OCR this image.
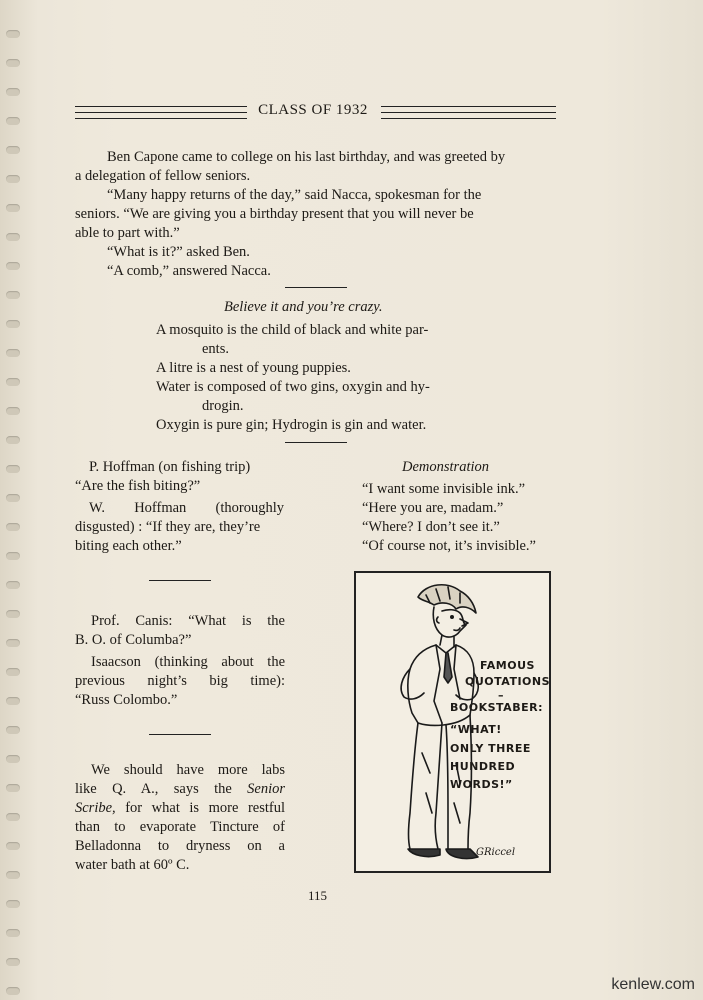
CLASS OF 1932
Ben Capone came to college on his last birthday, and was greeted by
a delegation of fellow seniors.
“Many happy returns of the day,” said Nacca, spokesman for the
seniors. “We are giving you a birthday present that you will never be
able to part with.”
“What is it?” asked Ben.
“A comb,” answered Nacca.
Believe it and you’re crazy.
A mosquito is the child of black and white par-
ents.
A litre is a nest of young puppies.
Water is composed of two gins, oxygin and hy-
drogin.
Oxygin is pure gin; Hydrogin is gin and water.
P. Hoffman (on fishing trip)
“Are the fish biting?”
W. Hoffman (thoroughly
disgusted) : “If they are, they’re
biting each other.”
Demonstration
“I want some invisible ink.”
“Here you are, madam.”
“Where? I don’t see it.”
“Of course not, it’s invisible.”
Prof. Canis: “What is the
B. O. of Columba?”
Isaacson (thinking about the
previous night’s big time):
“Russ Colombo.”
We should have more labs
like Q. A., says the Senior
Scribe, for what is more restful
than to evaporate Tincture of
Belladonna to dryness on a
water bath at 60º C.
FAMOUS
QUOTATIONS
–
BOOKSTABER:
“WHAT!
ONLY THREE
HUNDRED
WORDS!”
GRiccel
115
kenlew.com
